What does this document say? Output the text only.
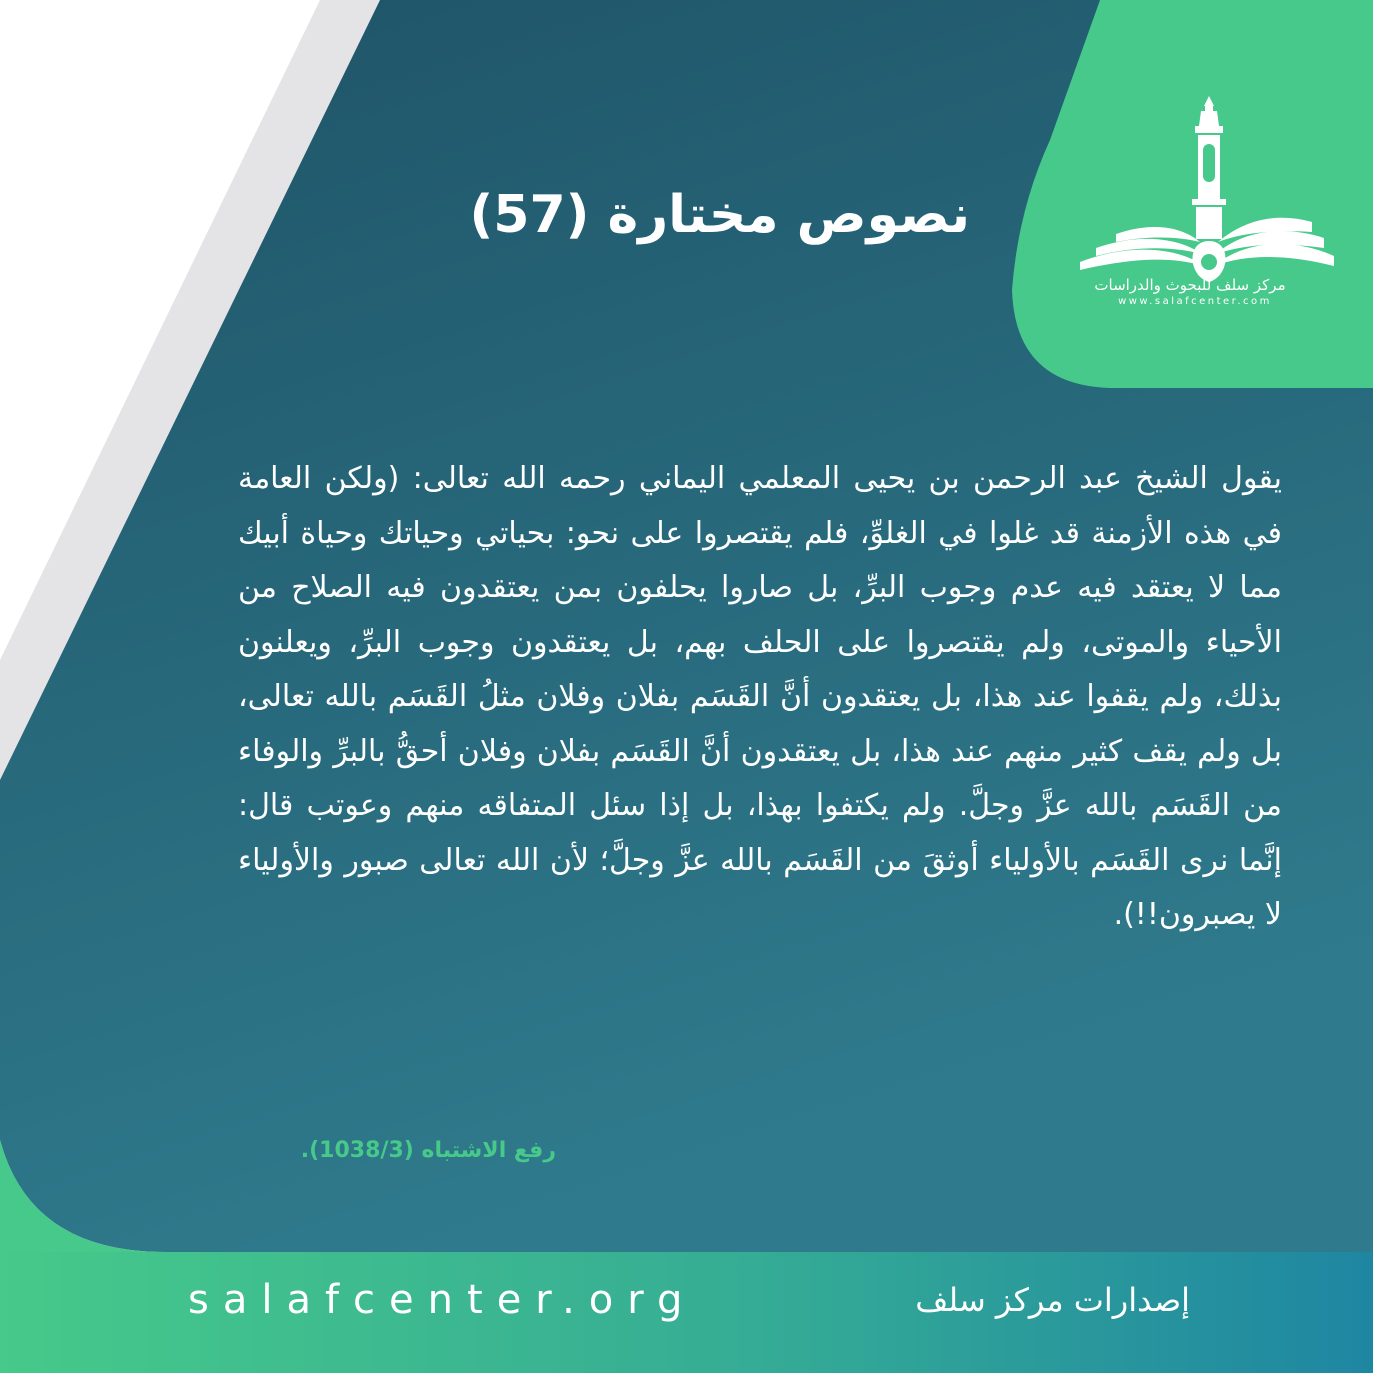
مركز سلف للبحوث والدراسات
www.salafcenter.com
نصوص مختارة (57)
يقول الشيخ عبد الرحمن بن يحيى المعلمي اليماني رحمه الله تعالى: (ولكن العامة في هذه الأزمنة قد غلوا في الغلوِّ، فلم يقتصروا على نحو: بحياتي وحياتك وحياة أبيك مما لا يعتقد فيه عدم وجوب البرِّ، بل صاروا يحلفون بمن يعتقدون فيه الصلاح من الأحياء والموتى، ولم يقتصروا على الحلف بهم، بل يعتقدون وجوب البرِّ، ويعلنون بذلك، ولم يقفوا عند هذا، بل يعتقدون أنَّ القَسَم بفلان وفلان مثلُ القَسَم بالله تعالى، بل ولم يقف كثير منهم عند هذا، بل يعتقدون أنَّ القَسَم بفلان وفلان أحقُّ بالبرِّ والوفاء من القَسَم بالله عزَّ وجلَّ. ولم يكتفوا بهذا، بل إذا سئل المتفاقه منهم وعوتب قال: إنَّما نرى القَسَم بالأولياء أوثقَ من القَسَم بالله عزَّ وجلَّ؛ لأن الله تعالى صبور والأولياء لا يصبرون!!).
رفع الاشتباه (1038/3).
salafcenter.org	إصدارات مركز سلف
